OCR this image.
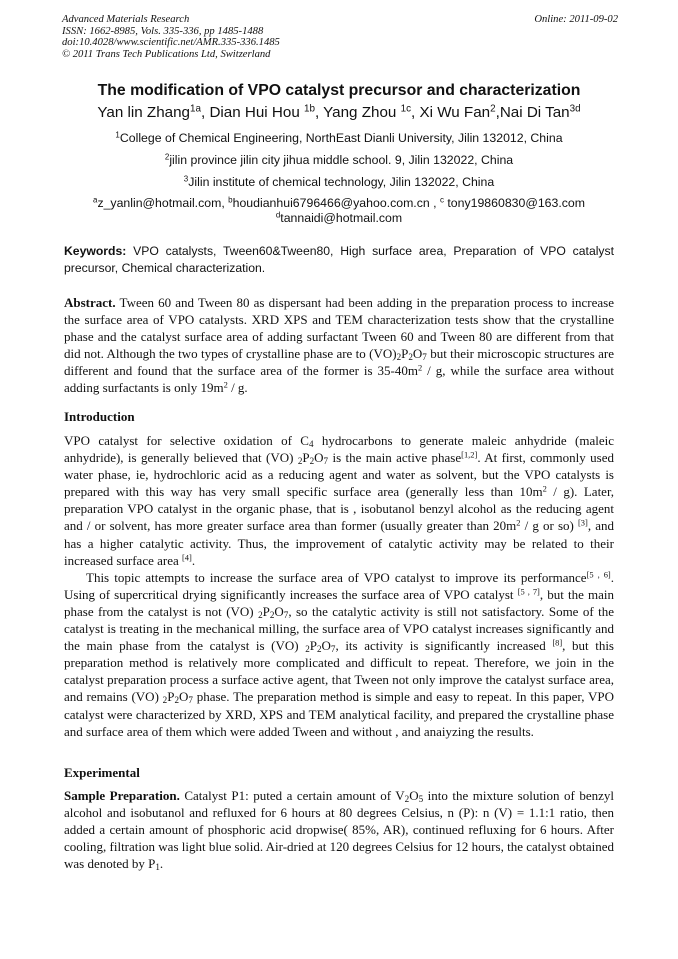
Advanced Materials Research
ISSN: 1662-8985, Vols. 335-336, pp 1485-1488
doi:10.4028/www.scientific.net/AMR.335-336.1485
© 2011 Trans Tech Publications Ltd, Switzerland
Online: 2011-09-02
The modification of VPO catalyst precursor and characterization
Yan lin Zhang$^{1a}$, Dian Hui Hou $^{1b}$, Yang Zhou $^{1c}$, Xi Wu Fan$^2$,Nai Di Tan$^{3d}$
$^1$College of Chemical Engineering, NorthEast Dianli University, Jilin 132012, China
$^2$jilin province jilin city jihua middle school. 9, Jilin 132022, China
$^3$Jilin institute of chemical technology, Jilin 132022, China
$^a$z_yanlin@hotmail.com, $^b$houdianhui6796466@yahoo.com.cn , $^c$ tony19860830@163.com
$^d$tannaidi@hotmail.com
Keywords: VPO catalysts, Tween60&Tween80, High surface area, Preparation of VPO catalyst precursor, Chemical characterization.
Abstract. Tween 60 and Tween 80 as dispersant had been adding in the preparation process to increase the surface area of VPO catalysts. XRD XPS and TEM characterization tests show that the crystalline phase and the catalyst surface area of adding surfactant Tween 60 and Tween 80 are different from that did not. Although the two types of crystalline phase are to $(VO)_2P_2O_7$ but their microscopic structures are different and found that the surface area of the former is $35-40m^2$ / g, while the surface area without adding surfactants is only $19m^2$ / g.
Introduction
VPO catalyst for selective oxidation of $C_4$ hydrocarbons to generate maleic anhydride (maleic anhydride), is generally believed that (VO) $_2P_2O_7$ is the main active phase[1,2]. At first, commonly used water phase, ie, hydrochloric acid as a reducing agent and water as solvent, but the VPO catalysts is prepared with this way has very small specific surface area (generally less than $10m^2 / g$). Later, preparation VPO catalyst in the organic phase, that is , isobutanol benzyl alcohol as the reducing agent and / or solvent, has more greater surface area than former (usually greater than $20m^2$ / g or so) [3], and has a higher catalytic activity. Thus, the improvement of catalytic activity may be related to their increased surface area [4].
This topic attempts to increase the surface area of VPO catalyst to improve its performance[5 , 6]. Using of supercritical drying significantly increases the surface area of VPO catalyst [5 , 7], but the main phase from the catalyst is not (VO) $_2P_2O_7$, so the catalytic activity is still not satisfactory. Some of the catalyst is treating in the mechanical milling, the surface area of VPO catalyst increases significantly and the main phase from the catalyst is (VO) $_2P_2O_7$, its activity is significantly increased [8], but this preparation method is relatively more complicated and difficult to repeat. Therefore, we join in the catalyst preparation process a surface active agent, that Tween not only improve the catalyst surface area, and remains (VO) $_2P_2O_7$ phase. The preparation method is simple and easy to repeat. In this paper, VPO catalyst were characterized by XRD, XPS and TEM analytical facility, and prepared the crystalline phase and surface area of them which were added Tween and without , and anaiyzing the results.
Experimental
Sample Preparation. Catalyst P1: puted a certain amount of $V_2O_5$ into the mixture solution of benzyl alcohol and isobutanol and refluxed for 6 hours at 80 degrees Celsius, n (P): n (V) = 1.1:1 ratio, then added a certain amount of phosphoric acid dropwise( 85%, AR), continued refluxing for 6 hours. After cooling, filtration was light blue solid. Air-dried at 120 degrees Celsius for 12 hours, the catalyst obtained was denoted by $P_1$.
